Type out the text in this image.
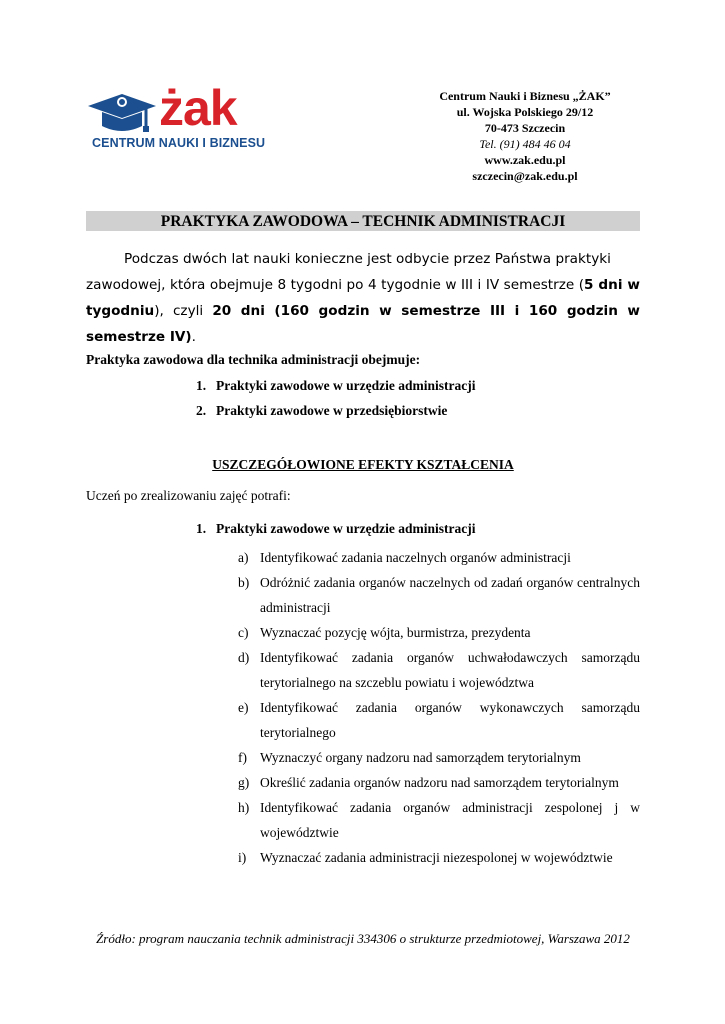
żak
CENTRUM NAUKI I BIZNESU
Centrum Nauki i Biznesu „ŻAK”
ul. Wojska Polskiego 29/12
70-473 Szczecin
Tel. (91) 484 46 04
www.zak.edu.pl
szczecin@zak.edu.pl
PRAKTYKA ZAWODOWA – TECHNIK ADMINISTRACJI
Podczas dwóch lat nauki konieczne jest odbycie przez Państwa praktyki
zawodowej, która obejmuje 8 tygodni po 4 tygodnie w III i IV semestrze (5 dni w tygodniu), czyli 20 dni (160 godzin w semestrze III i 160 godzin w semestrze IV).
Praktyka zawodowa dla technika administracji obejmuje:
1. Praktyki zawodowe w urzędzie administracji
2. Praktyki zawodowe w przedsiębiorstwie
USZCZEGÓŁOWIONE EFEKTY KSZTAŁCENIA
Uczeń po zrealizowaniu zajęć potrafi:
1. Praktyki zawodowe w urzędzie administracji
a) Identyfikować zadania naczelnych organów administracji
b) Odróżnić zadania organów naczelnych od zadań organów centralnych administracji
c) Wyznaczać pozycję wójta, burmistrza, prezydenta
d) Identyfikować zadania organów uchwałodawczych samorządu terytorialnego na szczeblu powiatu i województwa
e) Identyfikować zadania organów wykonawczych samorządu terytorialnego
f) Wyznaczyć organy nadzoru nad samorządem terytorialnym
g) Określić zadania organów nadzoru nad samorządem terytorialnym
h) Identyfikować zadania organów administracji zespolonej j w województwie
i) Wyznaczać zadania administracji niezespolonej w województwie
Źródło: program nauczania technik administracji 334306 o strukturze przedmiotowej, Warszawa 2012
